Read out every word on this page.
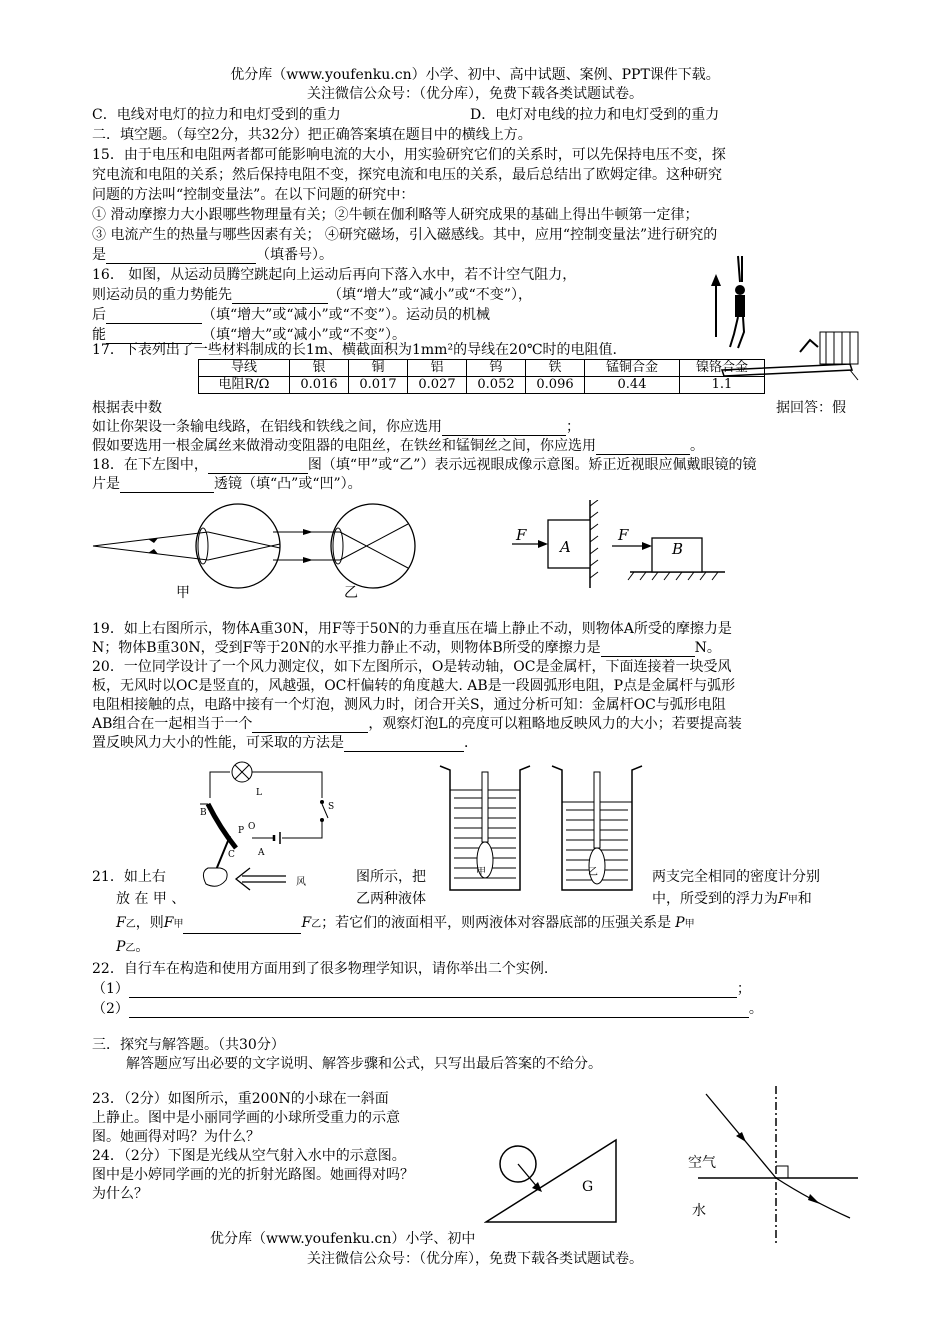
优分库（www.youfenku.cn）小学、初中、高中试题、案例、PPT课件下载。
关注微信公众号：（优分库），免费下载各类试题试卷。
C．电线对电灯的拉力和电灯受到的重力	D．电灯对电线的拉力和电灯受到的重力
二．填空题。（每空2分，共32分）把正确答案填在题目中的横线上方。
15．由于电压和电阻两者都可能影响电流的大小，用实验研究它们的关系时，可以先保持电压不变，探
究电流和电阻的关系；然后保持电阻不变，探究电流和电压的关系，最后总结出了欧姆定律。这种研究
问题的方法叫“控制变量法”。在以下问题的研究中：
① 滑动摩擦力大小跟哪些物理量有关；②牛顿在伽利略等人研究成果的基础上得出牛顿第一定律；
③ 电流产生的热量与哪些因素有关； ④研究磁场，引入磁感线。其中，应用“控制变量法”进行研究的
是	（填番号）。
16． 如图，从运动员腾空跳起向上运动后再向下落入水中，若不计空气阻力，
则运动员的重力势能先	（填“增大”或“减小”或“不变”），
后	（填“增大”或“减小”或“不变”）。运动员的机械
能	（填“增大”或“减小”或“不变”）。
17．下表列出了一些材料制成的长1m、横截面积为1mm²的导线在20℃时的电阻值.
导线	银	铜	铝	钨	铁	锰铜合金	镍铬合金
电阻R/Ω	0.016	0.017	0.027	0.052	0.096	0.44	1.1
根据表中数	据回答：假
如让你架设一条输电线路，在铝线和铁线之间，你应选用	；
假如要选用一根金属丝来做滑动变阻器的电阻丝，在铁丝和锰铜丝之间，你应选用	。
18．在下左图中，	图（填“甲”或“乙”）表示远视眼成像示意图。矫正近视眼应佩戴眼镜的镜
片是	透镜（填“凸”或“凹”）。
甲	乙
F
A
F
B
19．如上右图所示，物体A重30N，用F等于50N的力垂直压在墙上静止不动，则物体A所受的摩擦力是
N；物体B重30N，受到F等于20N的水平推力静止不动，则物体B所受的摩擦力是	N。
20．一位同学设计了一个风力测定仪，如下左图所示，O是转动轴，OC是金属杆，下面连接着一块受风
板，无风时以OC是竖直的，风越强，OC杆偏转的角度越大. AB是一段圆弧形电阻，P点是金属杆与弧形
电阻相接触的点，电路中接有一个灯泡，测风力时，闭合开关S，通过分析可知：金属杆OC与弧形电阻
AB组合在一起相当于一个	，观察灯泡L的亮度可以粗略地反映风力的大小；若要提高装
置反映风力大小的性能，可采取的方法是	．
L
S
B
P O
C	A
风
甲	乙
21．如上右	图所示，把	两支完全相同的密度计分别
放 在 甲 、	乙两种液体	中，所受到的浮力为F甲和
F乙，则F甲	F乙；若它们的液面相平，则两液体对容器底部的压强关系是 P甲
P乙。
22．自行车在构造和使用方面用到了很多物理学知识，请你举出二个实例.
（1）	；
（2）	。
三．探究与解答题。（共30分）
解答题应写出必要的文字说明、解答步骤和公式，只写出最后答案的不给分。
23．（2分）如图所示，重200N的小球在一斜面
上静止。图中是小丽同学画的小球所受重力的示意
图。她画得对吗？为什么？
24．（2分）下图是光线从空气射入水中的示意图。
图中是小婷同学画的光的折射光路图。她画得对吗？
为什么？	G
空气
水
优分库（www.youfenku.cn）小学、初中
关注微信公众号：（优分库），免费下载各类试题试卷。
